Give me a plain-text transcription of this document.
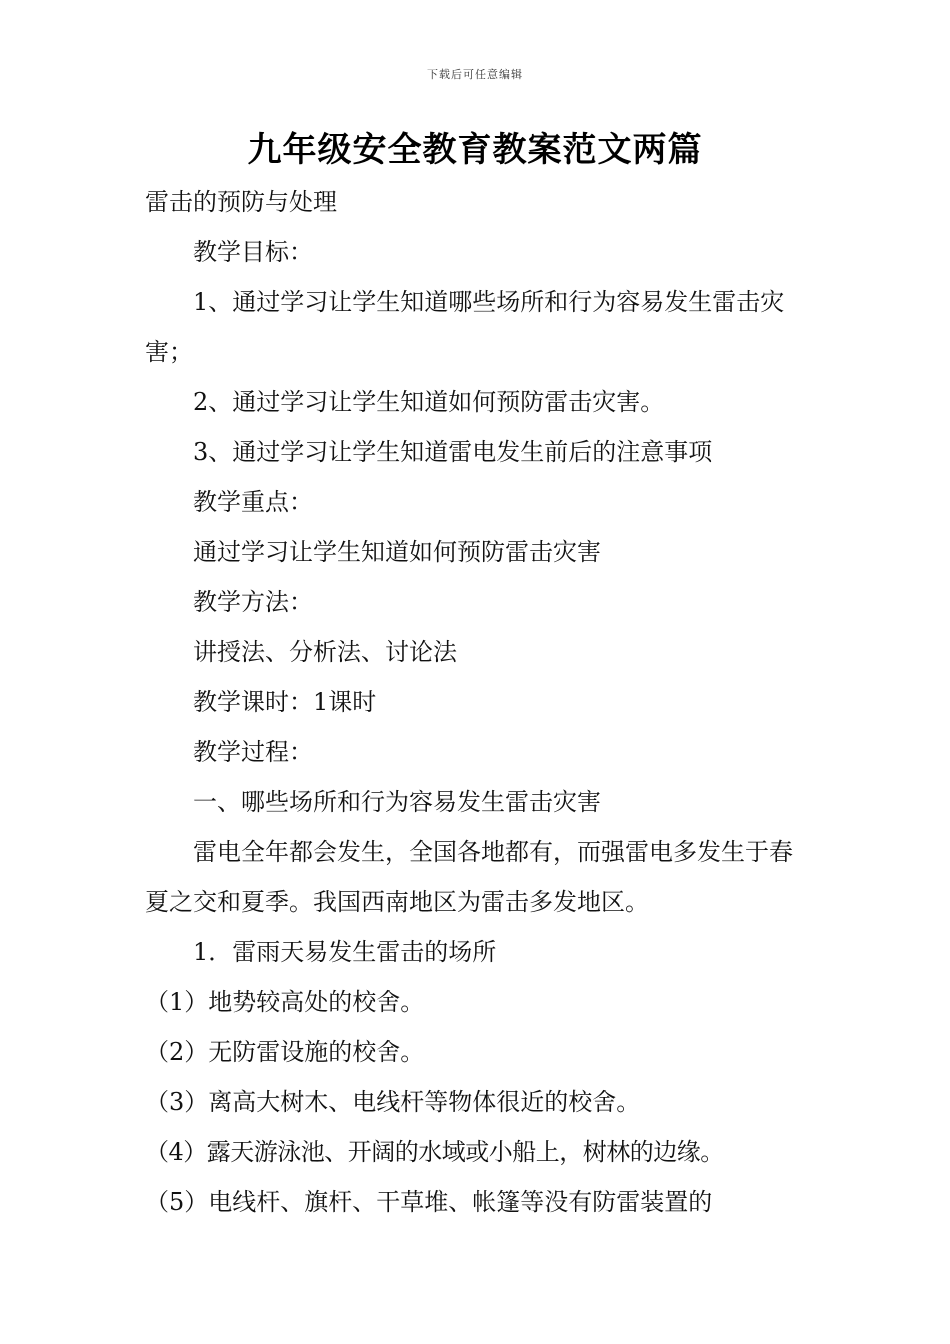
下载后可任意编辑
九年级安全教育教案范文两篇

雷击的预防与处理

教学目标：

1、通过学习让学生知道哪些场所和行为容易发生雷击灾害；

2、通过学习让学生知道如何预防雷击灾害。

3、通过学习让学生知道雷电发生前后的注意事项

教学重点：

通过学习让学生知道如何预防雷击灾害

教学方法：

讲授法、分析法、讨论法

教学课时：1课时

教学过程：

一、哪些场所和行为容易发生雷击灾害

雷电全年都会发生，全国各地都有，而强雷电多发生于春夏之交和夏季。我国西南地区为雷击多发地区。

1．雷雨天易发生雷击的场所

（1）地势较高处的校舍。

（2）无防雷设施的校舍。

（3）离高大树木、电线杆等物体很近的校舍。

（4）露天游泳池、开阔的水域或小船上，树林的边缘。

（5）电线杆、旗杆、干草堆、帐篷等没有防雷装置的
